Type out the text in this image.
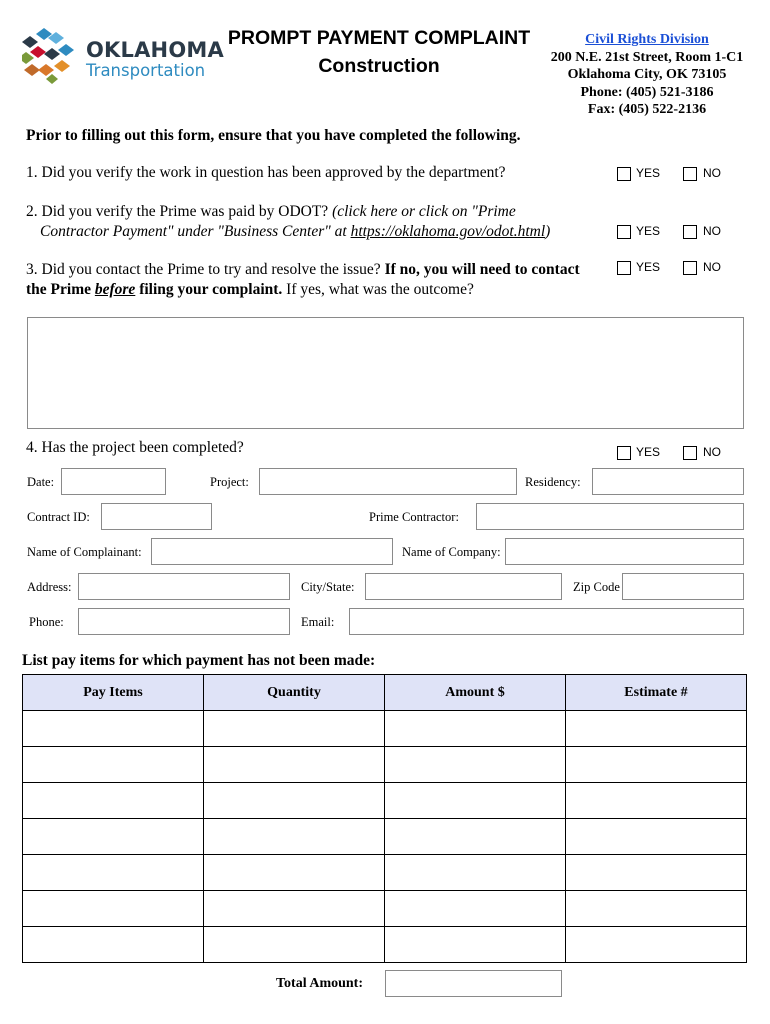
OKLAHOMA
Transportation
PROMPT PAYMENT COMPLAINT
Construction
Civil Rights Division
200 N.E. 21st Street, Room 1-C1
Oklahoma City, OK 73105
Phone: (405) 521-3186
Fax: (405) 522-2136
Prior to filling out this form, ensure that you have completed the following.
1. Did you verify the work in question has been approved by the department?	YES	NO
2. Did you verify the Prime was paid by ODOT? (click here or click on "Prime
Contractor Payment" under "Business Center" at https://oklahoma.gov/odot.html)	YES	NO
3. Did you contact the Prime to try and resolve the issue? If no, you will need to contact
the Prime before filing your complaint. If yes, what was the outcome?
YES	NO
4. Has the project been completed?	YES	NO
Date:	Project:	Residency:
Contract ID:	Prime Contractor:
Name of Complainant:	Name of Company:
Address:	City/State:	Zip Code
Phone:	Email:
List pay items for which payment has not been made:
Pay Items	Quantity	Amount $	Estimate #

Total Amount:
